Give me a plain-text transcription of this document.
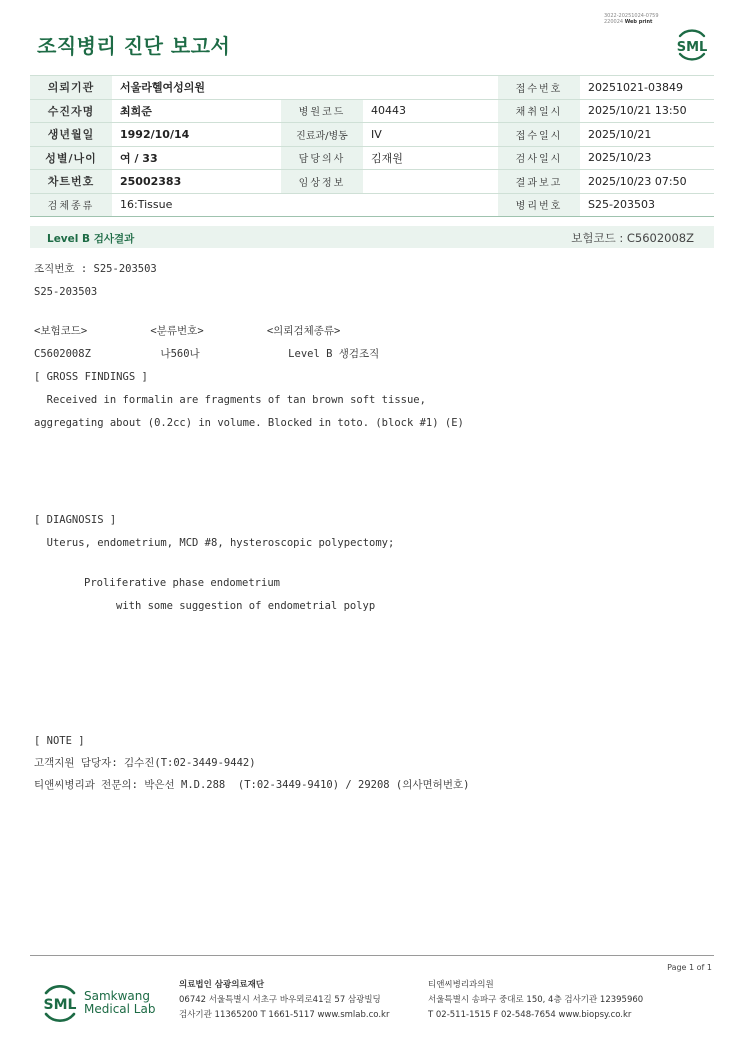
3022-20251024-0759
220024 Web print
조직병리 진단 보고서	SML
의뢰기관	서울라헬여성의원			접수번호	20251021-03849
수진자명	최희준	병원코드	40443	채취일시	2025/10/21 13:50
생년월일	1992/10/14	진료과/병동	IV	접수일시	2025/10/21
성별/나이	여 / 33	담당의사	김재원	검사일시	2025/10/23
차트번호	25002383	임상정보		결과보고	2025/10/23 07:50
검체종류	16:Tissue			병리번호	S25-203503
Level B 검사결과	보험코드 : C5602008Z
조직번호 : S25-203503
S25-203503
<보험코드>          <분류번호>          <의뢰검체종류>
C5602008Z           나560나              Level B 생검조직
[ GROSS FINDINGS ]
Received in formalin are fragments of tan brown soft tissue,
aggregating about (0.2cc) in volume. Blocked in toto. (block #1) (E)
[ DIAGNOSIS ]
Uterus, endometrium, MCD #8, hysteroscopic polypectomy;
Proliferative phase endometrium
with some suggestion of endometrial polyp
[ NOTE ]
고객지원 담당자: 김수진(T:02-3449-9442)
티앤씨병리과 전문의: 박은선 M.D.288  (T:02-3449-9410) / 29208 (의사면허번호)
Page 1 of 1
SML
Samkwang
Medical Lab
의료법인 삼광의료재단
06742 서울특별시 서초구 바우뫼로41길 57 삼광빌딩
검사기관 11365200 T 1661-5117 www.smlab.co.kr
티앤씨병리과의원
서울특별시 송파구 중대로 150, 4층 검사기관 12395960
T 02-511-1515 F 02-548-7654 www.biopsy.co.kr
